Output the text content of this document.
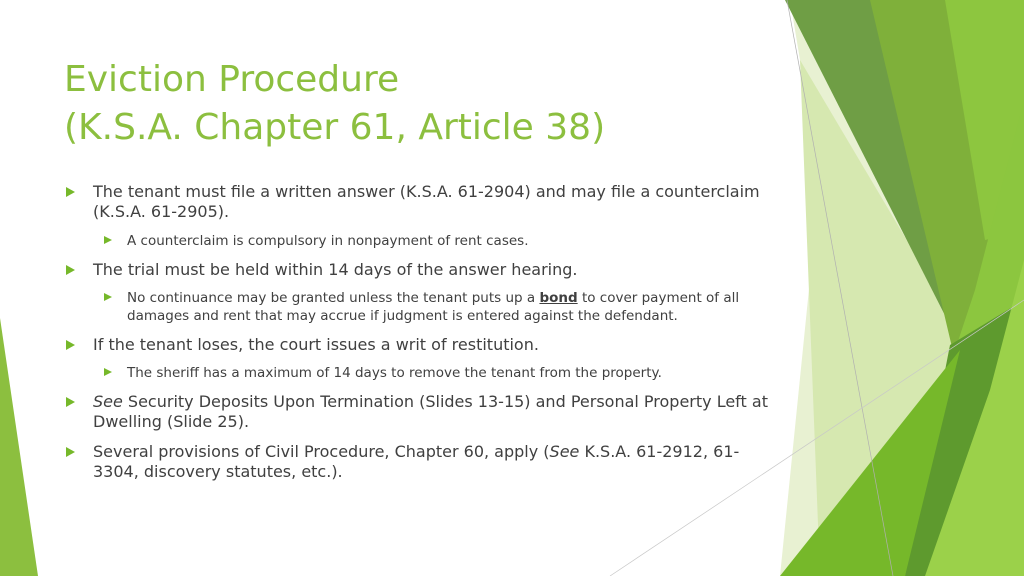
Eviction Procedure
(K.S.A. Chapter 61, Article 38)
The tenant must file a written answer (K.S.A. 61-2904) and may file a counterclaim (K.S.A. 61-2905).
A counterclaim is compulsory in nonpayment of rent cases.
The trial must be held within 14 days of the answer hearing.
No continuance may be granted unless the tenant puts up a bond to cover payment of all damages and rent that may accrue if judgment is entered against the defendant.
If the tenant loses, the court issues a writ of restitution.
The sheriff has a maximum of 14 days to remove the tenant from the property.
See Security Deposits Upon Termination (Slides 13-15) and Personal Property Left at Dwelling (Slide 25).
Several provisions of Civil Procedure, Chapter 60, apply (See K.S.A. 61-2912, 61-3304, discovery statutes, etc.).
